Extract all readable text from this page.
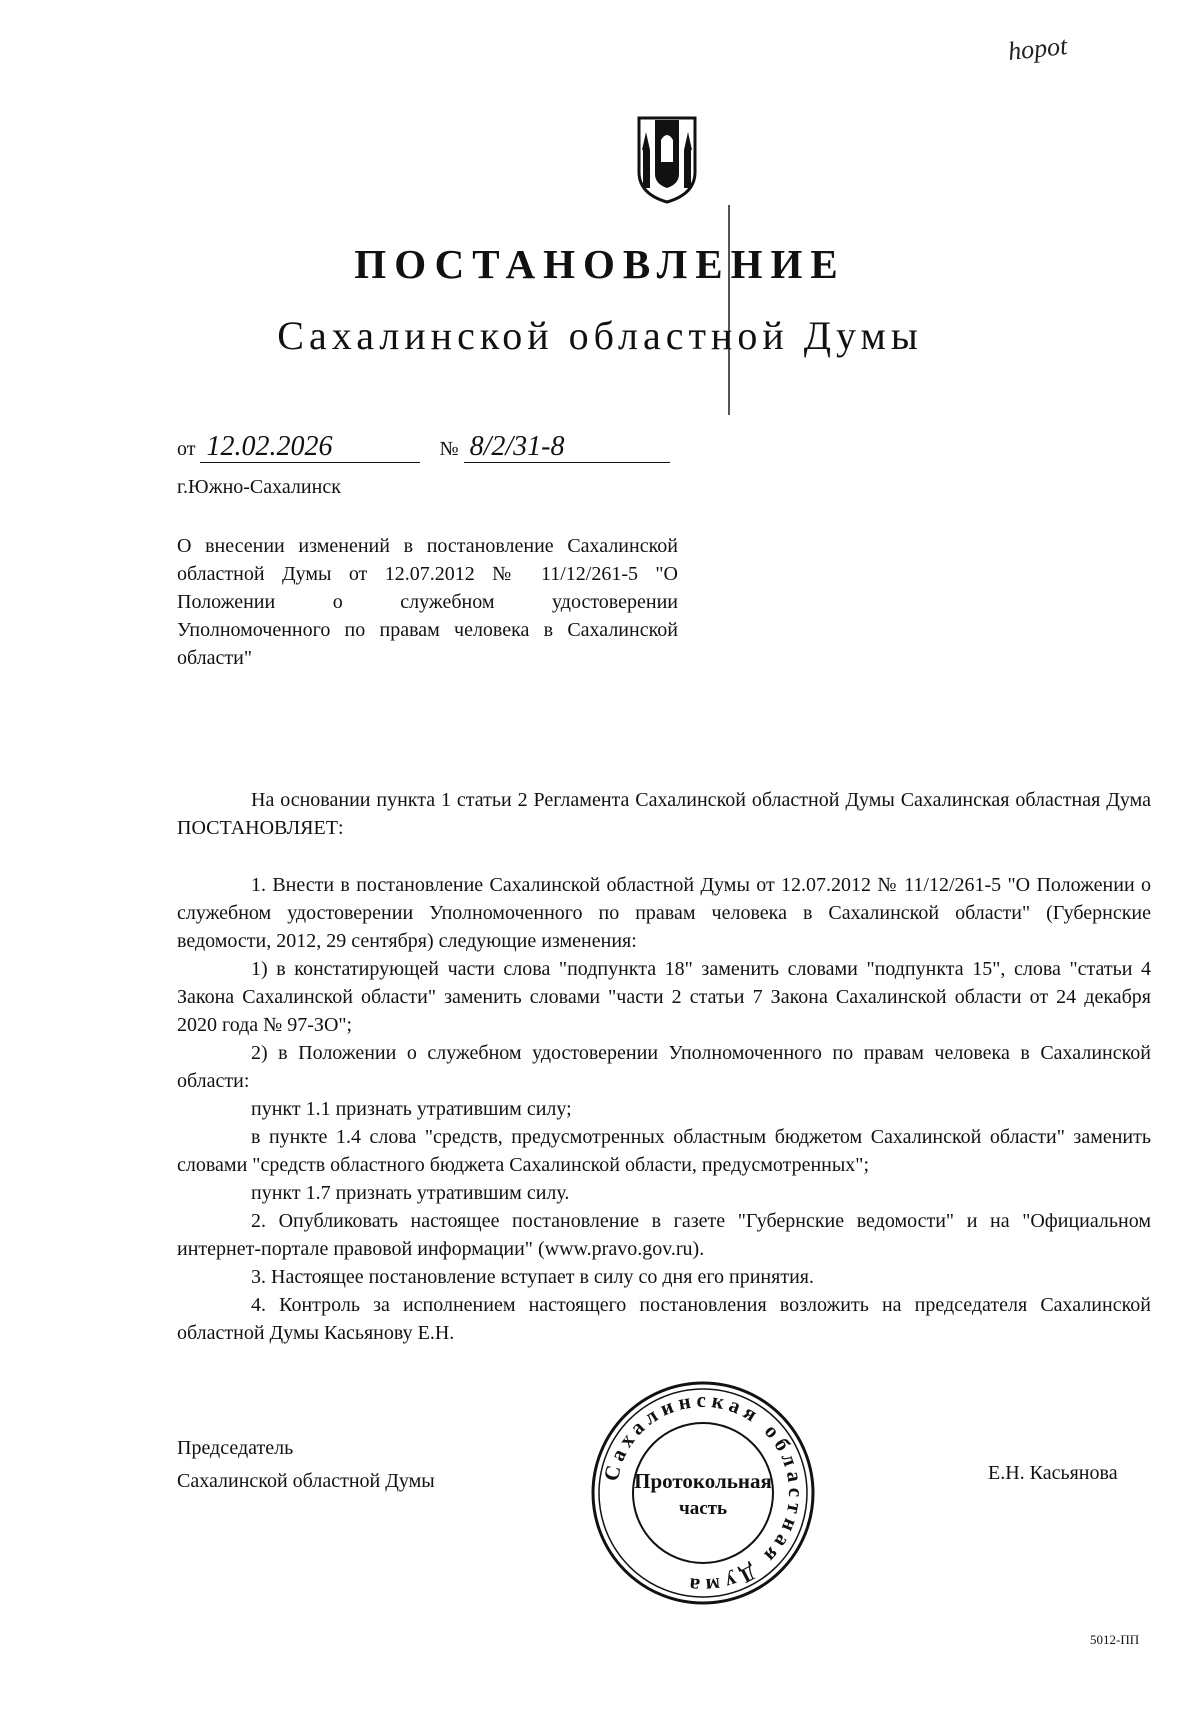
hopot
ПОСТАНОВЛЕНИЕ
Сахалинской областной Думы
от 12.02.2026	№ 8/2/31-8
г.Южно-Сахалинск
О внесении изменений в постановление Сахалинской областной Думы от 12.07.2012 № 11/12/261-5 "О Положении о служебном удостоверении Уполномоченного по правам человека в Сахалинской области"

На основании пункта 1 статьи 2 Регламента Сахалинской областной Думы Сахалинская областная Дума ПОСТАНОВЛЯЕТ:

1. Внести в постановление Сахалинской областной Думы от 12.07.2012 № 11/12/261-5 "О Положении о служебном удостоверении Уполномоченного по правам человека в Сахалинской области" (Губернские ведомости, 2012, 29 сентября) следующие изменения:

1) в констатирующей части слова "подпункта 18" заменить словами "подпункта 15", слова "статьи 4 Закона Сахалинской области" заменить словами "части 2 статьи 7 Закона Сахалинской области от 24 декабря 2020 года № 97-ЗО";

2) в Положении о служебном удостоверении Уполномоченного по правам человека в Сахалинской области:

пункт 1.1 признать утратившим силу;

в пункте 1.4 слова "средств, предусмотренных областным бюджетом Сахалинской области" заменить словами "средств областного бюджета Сахалинской области, предусмотренных";

пункт 1.7 признать утратившим силу.

2. Опубликовать настоящее постановление в газете "Губернские ведомости" и на "Официальном интернет-портале правовой информации" (www.pravo.gov.ru).

3. Настоящее постановление вступает в силу со дня его принятия.

4. Контроль за исполнением настоящего постановления возложить на председателя Сахалинской областной Думы Касьянову Е.Н.

Председатель
Сахалинской областной Думы	Сахалинская областная Дума
Протокольная
часть
Е.Н. Касьянова
5012-ПП
